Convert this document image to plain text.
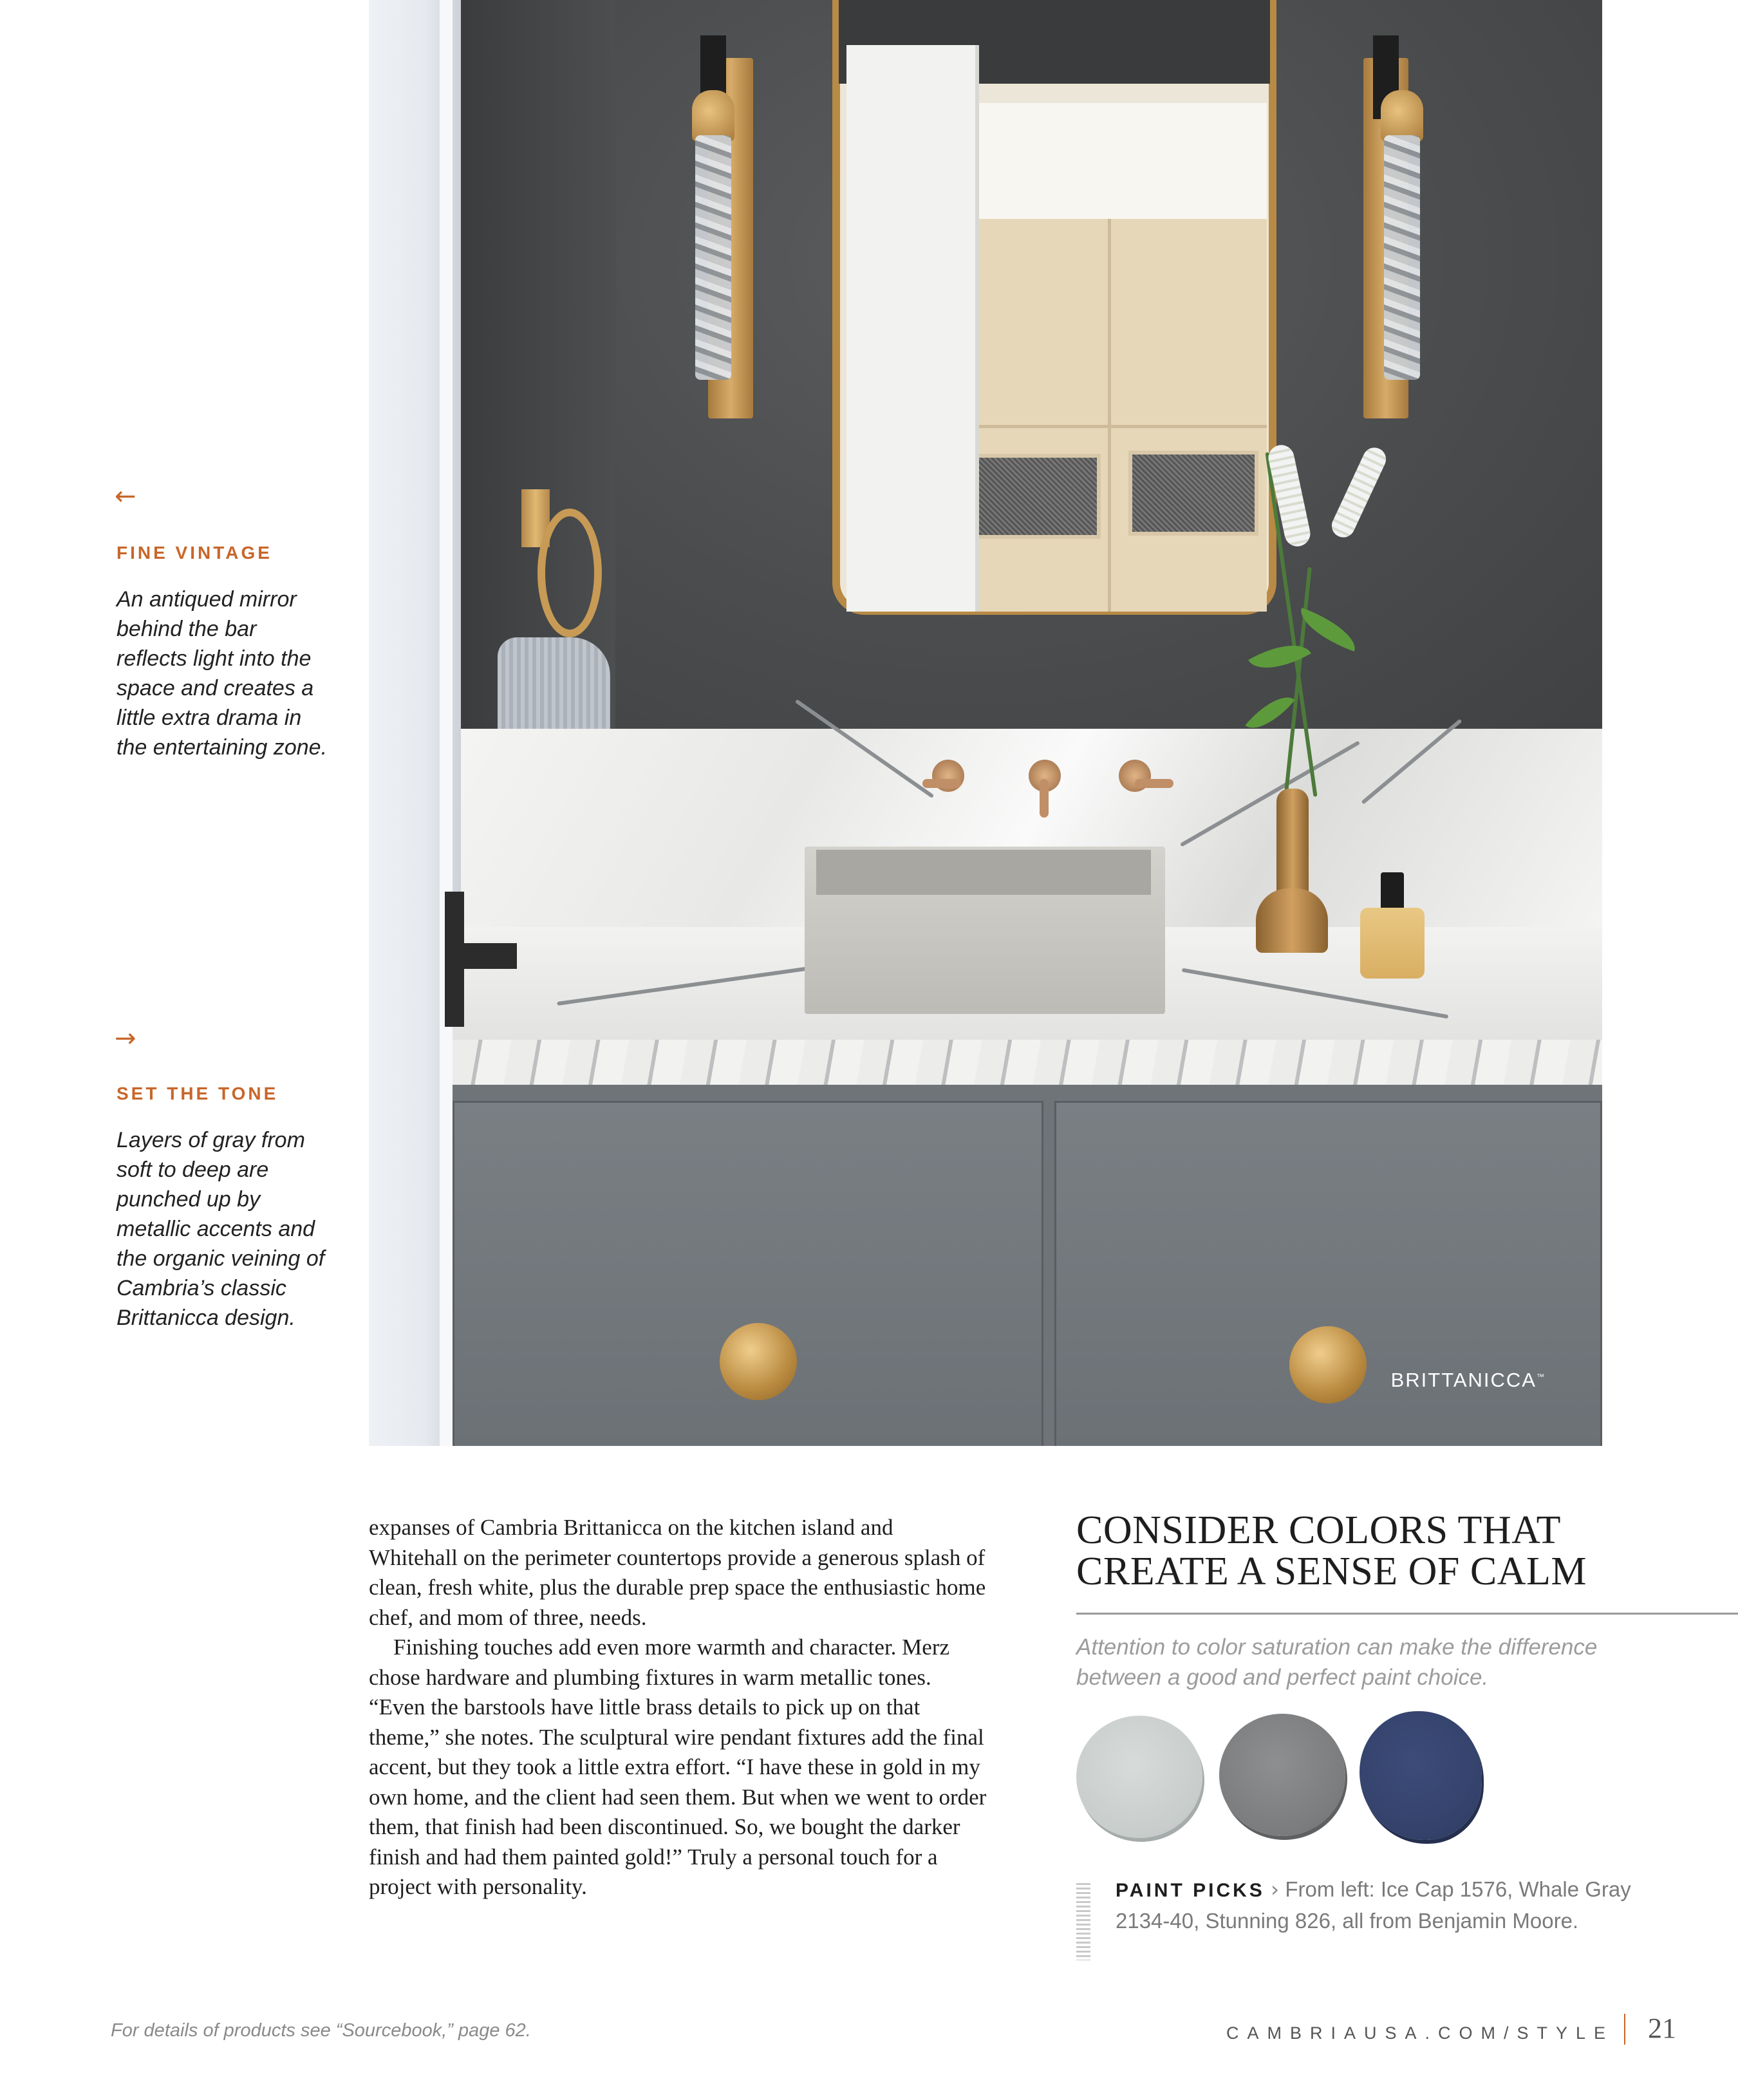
BRITTANICCA™
←
FINE VINTAGE
An antiqued mirror behind the bar reflects light into the space and creates a little extra drama in the entertaining zone.
→
SET THE TONE
Layers of gray from soft to deep are punched up by metallic accents and the organic veining of Cambria’s classic Brittanicca design.

expanses of Cambria Brittanicca on the kitchen island and Whitehall on the perimeter countertops provide a generous splash of clean, fresh white, plus the durable prep space the enthusiastic home chef, and mom of three, needs.

Finishing touches add even more warmth and character. Merz chose hardware and plumbing fixtures in warm metallic tones. “Even the barstools have little brass details to pick up on that theme,” she notes. The sculptural wire pendant fixtures add the final accent, but they took a little extra effort. “I have these in gold in my own home, and the client had seen them. But when we went to order them, that finish had been discontinued. So, we bought the darker finish and had them painted gold!” Truly a personal touch for a project with personality.

CONSIDER COLORS THAT
CREATE A SENSE OF CALM
Attention to color saturation can make the difference between a good and perfect paint choice.
PAINT PICKS › From left: Ice Cap 1576, Whale Gray 2134-40, Stunning 826, all from Benjamin Moore.
For details of products see “Sourcebook,” page 62.	CAMBRIAUSA.COM/STYLE 21
